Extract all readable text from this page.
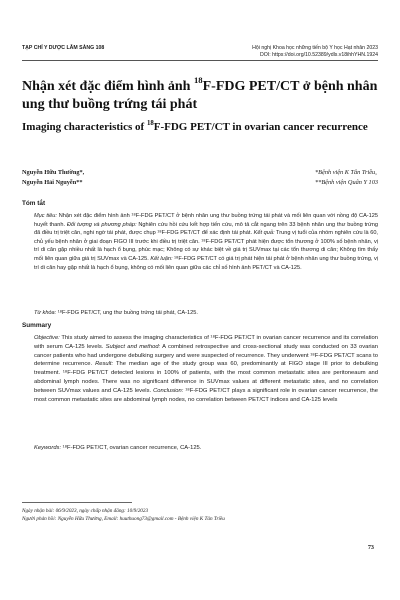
TẠP CHÍ Y DƯỢC LÂM SÀNG 108	Hội nghị Khoa học những tiến bộ Y học Hạt nhân 2023
DOI: https://doi.org/10.52389/ydls.v18ihhYHN.1924
Nhận xét đặc điểm hình ảnh $^{18}$F-FDG PET/CT ở bệnh nhân ung thư buồng trứng tái phát
Imaging characteristics of $^{18}$F-FDG PET/CT in ovarian cancer recurrence
Nguyễn Hữu Thường*,
Nguyễn Hải Nguyễn**
*Bệnh viện K Tân Triều,
**Bệnh viện Quân Y 103
Tóm tắt
Mục tiêu: Nhận xét đặc điểm hình ảnh ¹⁸F-FDG PET/CT ở bệnh nhân ung thư buồng trứng tái phát và mối liên quan với nồng độ CA-125 huyết thanh. Đối tượng và phương pháp: Nghiên cứu hồi cứu kết hợp tiến cứu, mô tả cắt ngang trên 33 bệnh nhân ung thư buồng trứng đã điều trị triệt căn, nghi ngờ tái phát, được chụp ¹⁸F-FDG PET/CT để xác định tái phát. Kết quả: Trung vị tuổi của nhóm nghiên cứu là 60, chủ yếu bệnh nhân ở giai đoạn FIGO III trước khi điều trị triệt căn. ¹⁸F-FDG PET/CT phát hiện được tổn thương ở 100% số bệnh nhân, vị trí di căn gặp nhiều nhất là hạch ổ bụng, phúc mạc; Không có sự khác biệt về giá trị SUVmax tại các tổn thương di căn; Không tìm thấy mối liên quan giữa giá trị SUVmax và CA-125. Kết luận: ¹⁸F-FDG PET/CT có giá trị phát hiện tái phát ở bệnh nhân ung thư buồng trứng, vị trí di căn hay gặp nhất là hạch ổ bụng, không có mối liên quan giữa các chỉ số hình ảnh PET/CT và CA-125.
Từ khóa: ¹⁸F-FDG PET/CT, ung thư buồng trứng tái phát, CA-125.
Summary
Objective: This study aimed to assess the imaging characteristics of ¹⁸F-FDG PET/CT in ovarian cancer recurrence and its correlation with serum CA-125 levels. Subject and method: A combined retrospective and cross-sectional study was conducted on 33 ovarian cancer patients who had undergone debulking surgery and were suspected of recurrence. They underwent ¹⁸F-FDG PET/CT scans to determine recurrence. Result: The median age of the study group was 60, predominantly at FIGO stage III prior to debulking treatment. ¹⁸F-FDG PET/CT detected lesions in 100% of patients, with the most common metastatic sites are peritoneaum and abdominal lymph nodes. There was no significant difference in SUVmax values at different metastatic sites, and no correlation between SUVmax values and CA-125 levels. Conclusion: ¹⁸F-FDG PET/CT plays a significant role in ovarian cancer recurrence, the most common metastatic sites are abdominal lymph nodes, no correlation between PET/CT indices and CA-125 levels
Keywords: ¹⁸F-FDG PET/CT, ovarian cancer recurrence, CA-125.
Ngày nhận bài: 06/9/2023, ngày chấp nhận đăng: 10/9/2023
Người phản hồi: Nguyễn Hữu Thường, Email: huuthuong73@gmail.com - Bệnh viện K Tân Triều
73
